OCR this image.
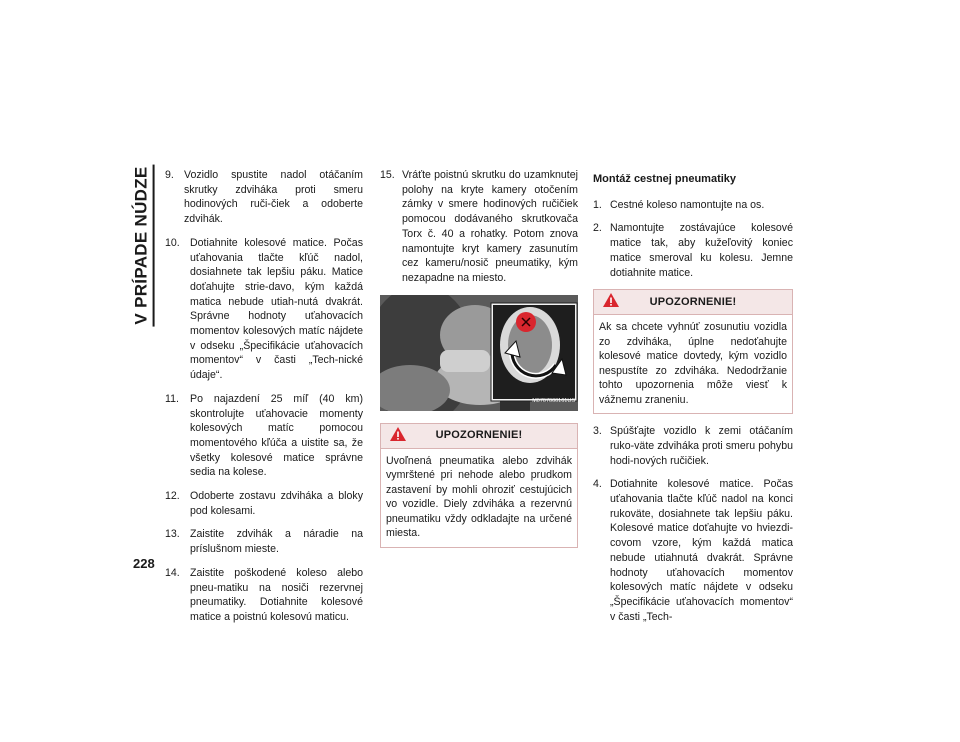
V PRÍPADE NÚDZE
228
9. Vozidlo spustite nadol otáčaním skrutky zdviháka proti smeru hodinových ruči-čiek a odoberte zdvihák.
10. Dotiahnite kolesové matice. Počas uťahovania tlačte kľúč nadol, dosiahnete tak lepšiu páku. Matice doťahujte strie-davo, kým každá matica nebude utiah-nutá dvakrát. Správne hodnoty uťahovacích momentov kolesových matíc nájdete v odseku „Špecifikácie uťahovacích momentov“ v časti „Tech-nické údaje“.
11.	Po najazdení 25 míľ (40 km) skontrolujte uťahovacie momenty kolesových matíc pomocou momentového kľúča a uistite sa, že všetky kolesové matice správne sedia na kolese.
12. Odoberte zostavu zdviháka a bloky pod kolesami.
13. Zaistite zdvihák a náradie na príslušnom mieste.
14. Zaistite poškodené koleso alebo pneu-matiku na nosiči rezervnej pneumatiky. Dotiahnite kolesové matice a poistnú kolesovú maticu.
15. Vráťte poistnú skrutku do uzamknutej polohy na kryte kamery otočením zámky v smere hodinových ručičiek pomocou dodávaného skrutkovača Torx č. 40 a rohatky. Potom znova namontujte kryt kamery zasunutím cez kameru/nosič pneumatiky, kým nezapadne na miesto.
M0707000161US
UPOZORNENIE!
Uvoľnená pneumatika alebo zdvihák vymrštené pri nehode alebo prudkom zastavení by mohli ohroziť cestujúcich vo vozidle. Diely zdviháka a rezervnú pneumatiku vždy odkladajte na určené miesta.
Montáž cestnej pneumatiky
1. Cestné koleso namontujte na os.
2. Namontujte zostávajúce kolesové matice tak, aby kužeľovitý koniec matice smeroval ku kolesu. Jemne dotiahnite matice.
UPOZORNENIE!
Ak sa chcete vyhnúť zosunutiu vozidla zo zdviháka, úplne nedoťahujte kolesové matice dovtedy, kým vozidlo nespustíte zo zdviháka. Nedodržanie tohto upozornenia môže viesť k vážnemu zraneniu.
3. Spúšťajte vozidlo k zemi otáčaním ruko-väte zdviháka proti smeru pohybu hodi-nových ručičiek.
4. Dotiahnite kolesové matice. Počas uťahovania tlačte kľúč nadol na konci rukoväte, dosiahnete tak lepšiu páku. Kolesové matice doťahujte vo hviezdi-covom vzore, kým každá matica nebude utiahnutá dvakrát. Správne hodnoty uťahovacích momentov kolesových matíc nájdete v odseku „Špecifikácie uťahovacích momentov“ v časti „Tech-
